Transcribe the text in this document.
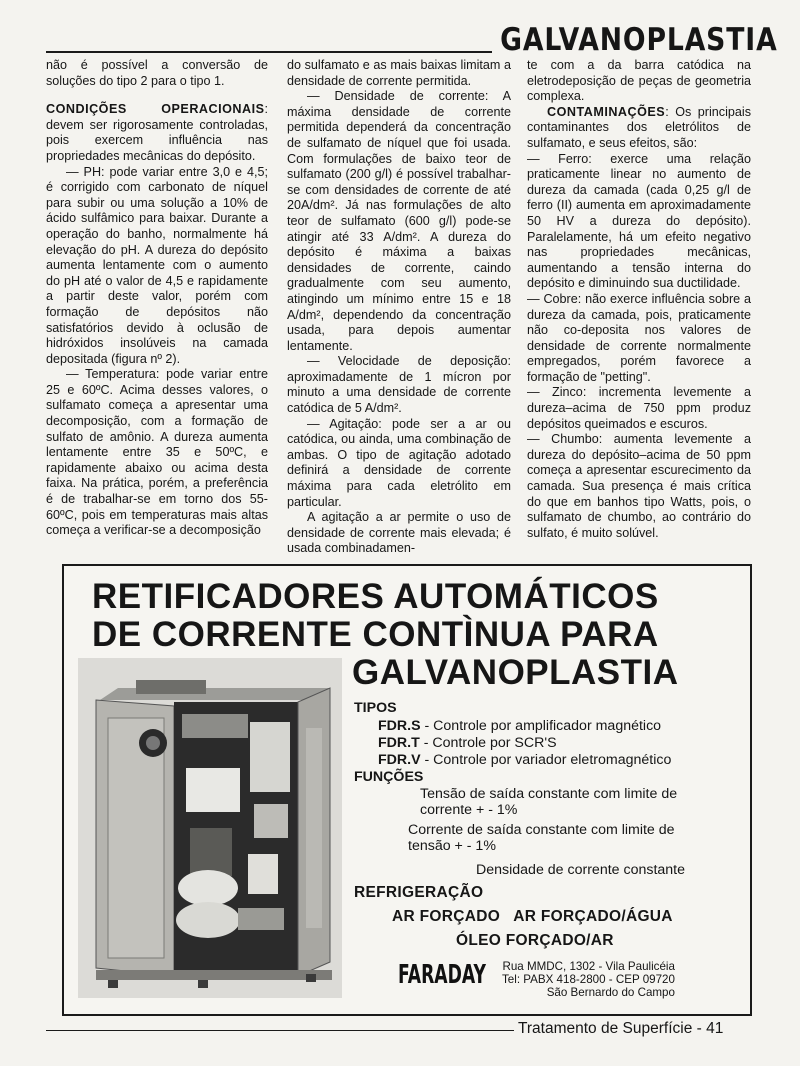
GALVANOPLASTIA

não é possível a conversão de soluções do tipo 2 para o tipo 1.

CONDIÇÕES OPERACIONAIS: devem ser rigorosamente controladas, pois exercem influência nas propriedades mecânicas do depósito.

— PH: pode variar entre 3,0 e 4,5; é corrigido com carbonato de níquel para subir ou uma solução a 10% de ácido sulfâmico para baixar. Durante a operação do banho, normalmente há elevação do pH. A dureza do depósito aumenta lentamente com o aumento do pH até o valor de 4,5 e rapidamente a partir deste valor, porém com formação de depósitos não satisfatórios devido à oclusão de hidróxidos insolúveis na camada depositada (figura nº 2).

— Temperatura: pode variar entre 25 e 60ºC. Acima desses valores, o sulfamato começa a apresentar uma decomposição, com a formação de sulfato de amônio. A dureza aumenta lentamente entre 35 e 50ºC, e rapidamente abaixo ou acima desta faixa. Na prática, porém, a preferência é de trabalhar-se em torno dos 55-60ºC, pois em temperaturas mais altas começa a verificar-se a decomposição

do sulfamato e as mais baixas limitam a densidade de corrente permitida.

— Densidade de corrente: A máxima densidade de corrente permitida dependerá da concentração de sulfamato de níquel que foi usada. Com formulações de baixo teor de sulfamato (200 g/l) é possível trabalhar-se com densidades de corrente de até 20A/dm². Já nas formulações de alto teor de sulfamato (600 g/l) pode-se atingir até 33 A/dm². A dureza do depósito é máxima a baixas densidades de corrente, caindo gradualmente com seu aumento, atingindo um mínimo entre 15 e 18 A/dm², dependendo da concentração usada, para depois aumentar lentamente.

— Velocidade de deposição: aproximadamente de 1 mícron por minuto a uma densidade de corrente catódica de 5 A/dm².

— Agitação: pode ser a ar ou catódica, ou ainda, uma combinação de ambas. O tipo de agitação adotado definirá a densidade de corrente máxima para cada eletrólito em particular.

A agitação a ar permite o uso de densidade de corrente mais elevada; é usada combinadamen-

te com a da barra catódica na eletrodeposição de peças de geometria complexa.

CONTAMINAÇÕES: Os principais contaminantes dos eletrólitos de sulfamato, e seus efeitos, são:

— Ferro: exerce uma relação praticamente linear no aumento de dureza da camada (cada 0,25 g/l de ferro (II) aumenta em aproximadamente 50 HV a dureza do depósito). Paralelamente, há um efeito negativo nas propriedades mecânicas, aumentando a tensão interna do depósito e diminuindo sua ductilidade.

— Cobre: não exerce influência sobre a dureza da camada, pois, praticamente não co-deposita nos valores de densidade de corrente normalmente empregados, porém favorece a formação de "petting".

— Zinco: incrementa levemente a dureza–acima de 750 ppm produz depósitos queimados e escuros.

— Chumbo: aumenta levemente a dureza do depósito–acima de 50 ppm começa a apresentar escurecimento da camada. Sua presença é mais crítica do que em banhos tipo Watts, pois, o sulfamato de chumbo, ao contrário do sulfato, é muito solúvel.

RETIFICADORES AUTOMÁTICOS
DE CORRENTE CONTÌNUA PARA
GALVANOPLASTIA
TIPOS
FDR.S - Controle por amplificador magnético
FDR.T - Controle por SCR'S
FDR.V - Controle por variador eletromagnético
FUNÇÕES
Tensão de saída constante com limite de
corrente + - 1%
Corrente de saída constante com limite de
tensão + - 1%
Densidade de corrente constante
REFRIGERAÇÃO
AR FORÇADO   AR FORÇADO/ÁGUA
ÓLEO FORÇADO/AR
FARADAY Rua MMDC, 1302 - Vila Paulicéia
Tel: PABX 418-2800 - CEP 09720
São Bernardo do Campo
Tratamento de Superfície - 41
